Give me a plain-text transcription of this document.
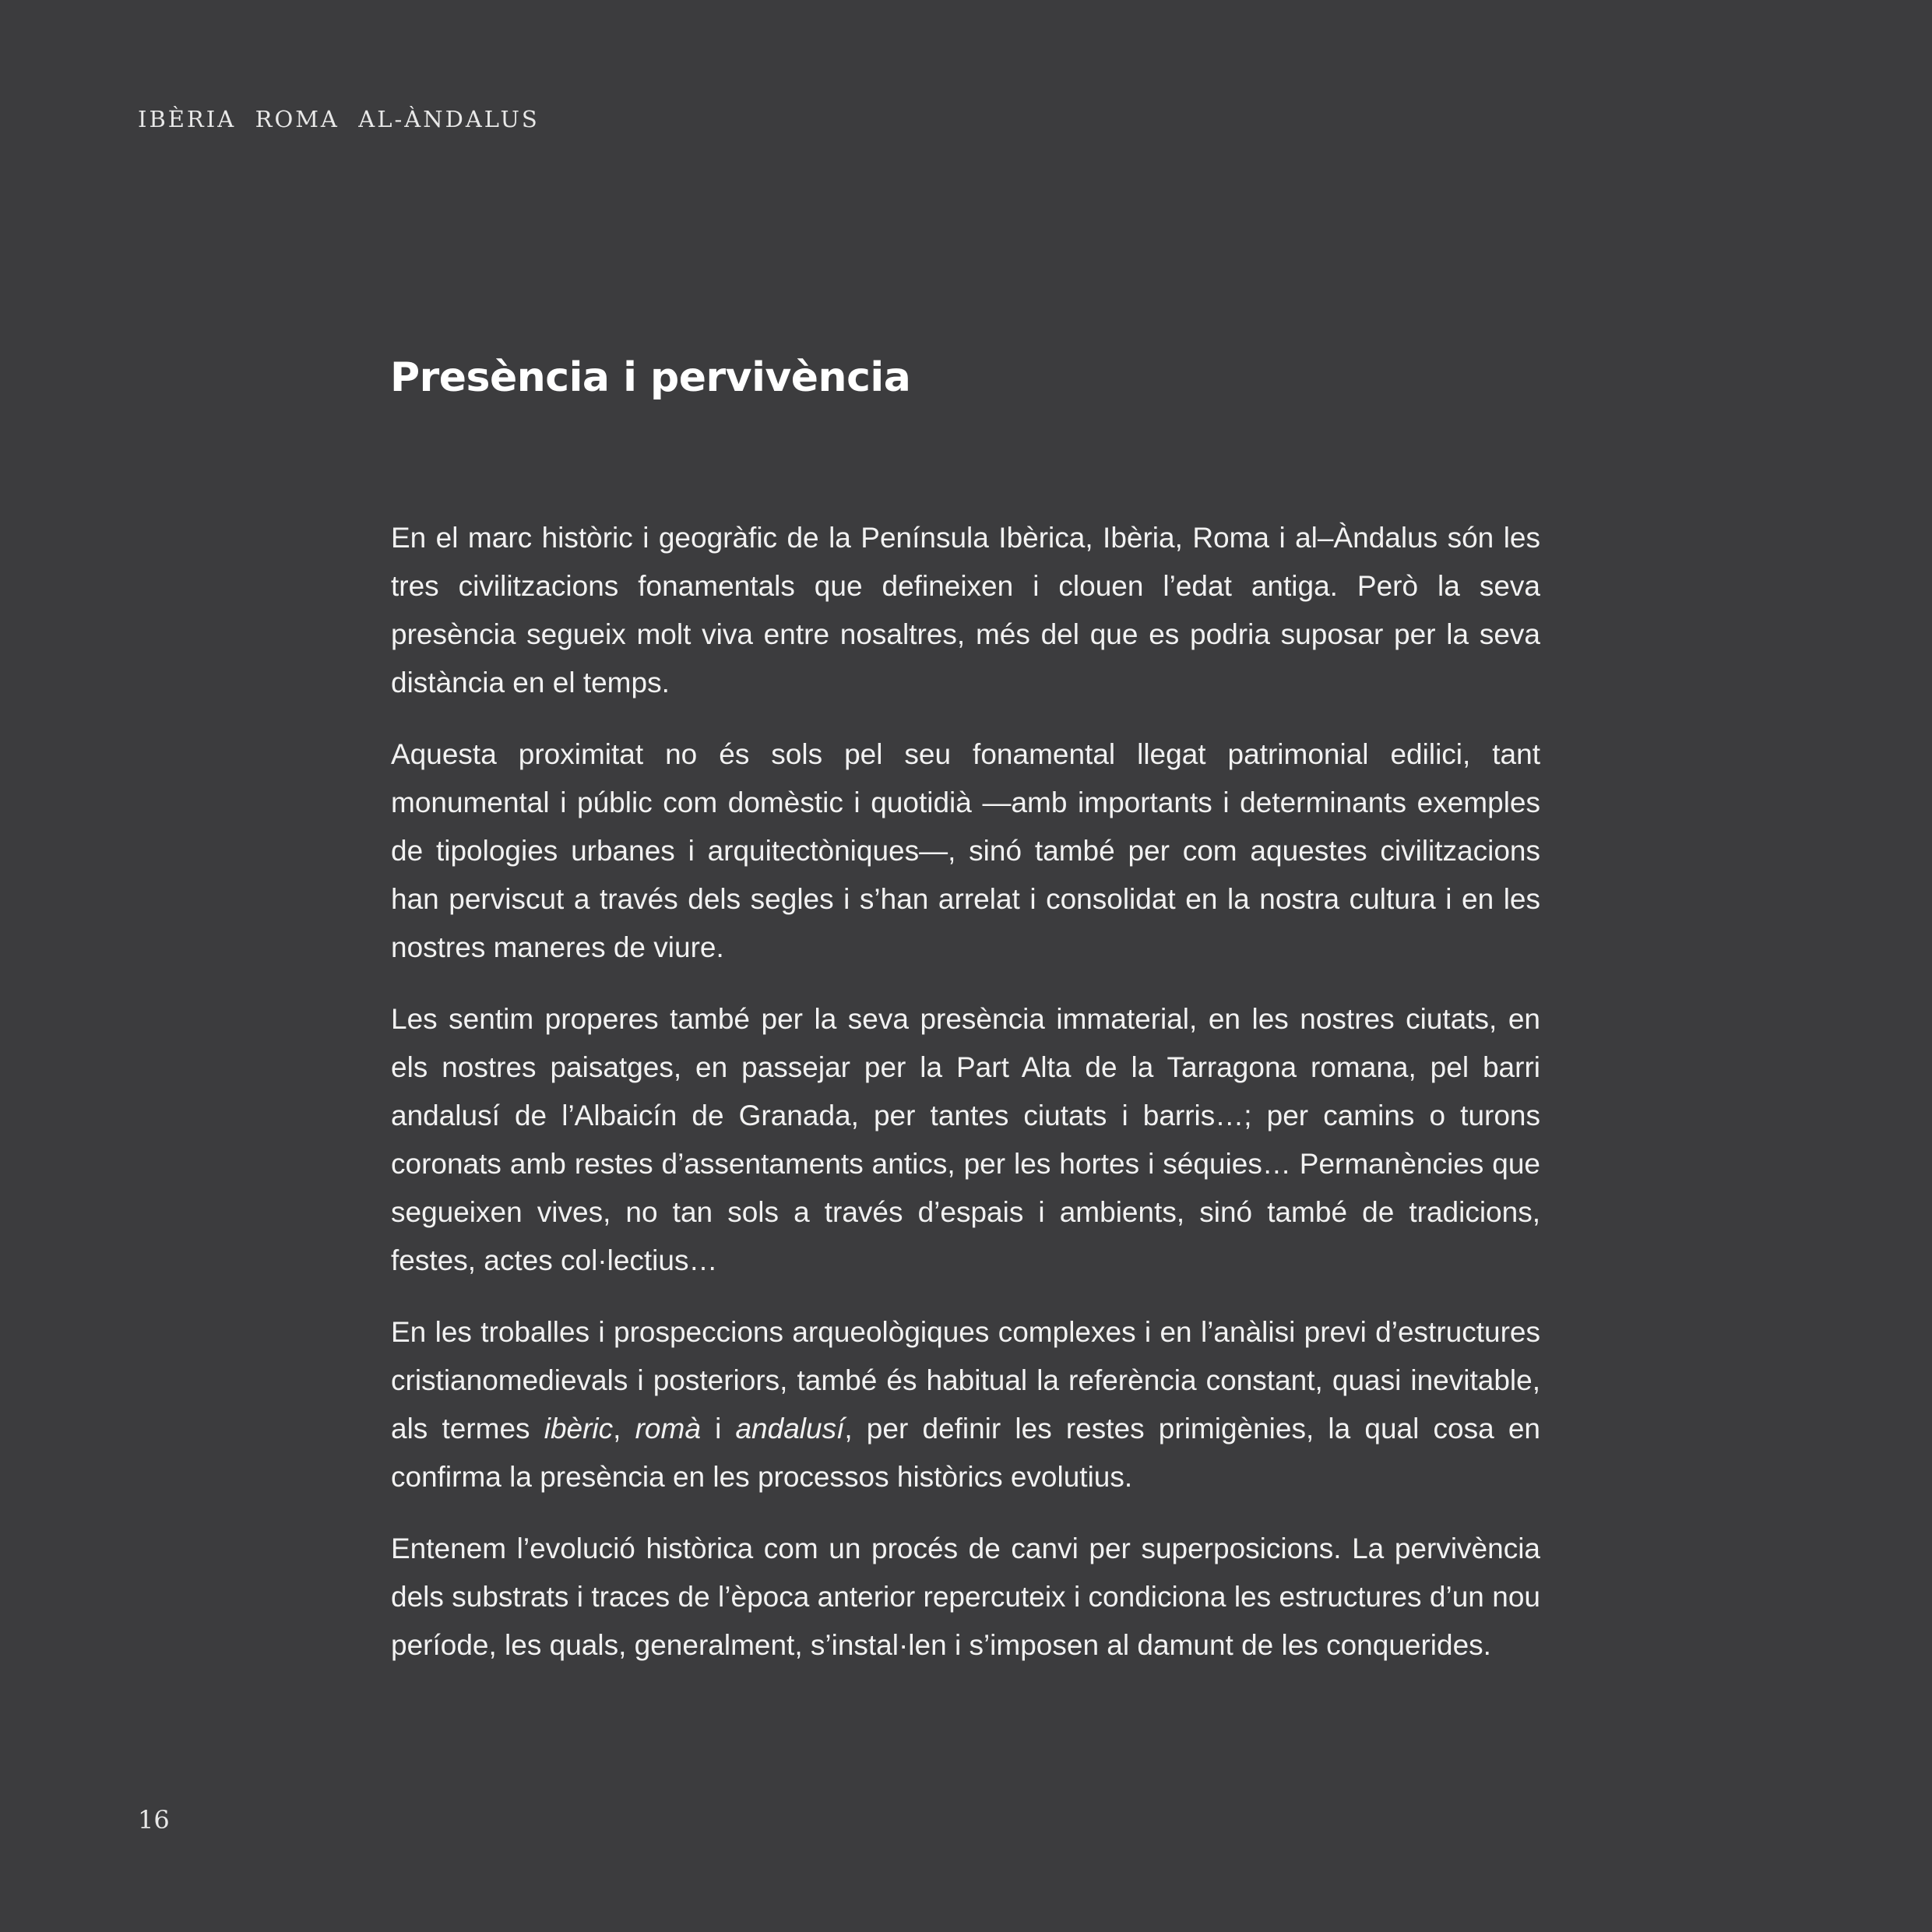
IBÈRIA  ROMA  AL-ÀNDALUS
Presència i pervivència

En el marc històric i geogràfic de la Península Ibèrica, Ibèria, Roma i al–Àndalus són les tres civilitzacions fonamentals que defineixen i clouen l’edat antiga. Però la seva presència segueix molt viva entre nosaltres, més del que es podria suposar per la seva distància en el temps.

Aquesta proximitat no és sols pel seu fonamental llegat patrimonial edilici, tant monumental i públic com domèstic i quotidià —amb importants i determinants exemples de tipologies urbanes i arquitectòniques—, sinó també per com aquestes civilitzacions han perviscut a través dels segles i s’han arrelat i consolidat en la nostra cultura i en les nostres maneres de viure.

Les sentim properes també per la seva presència immaterial, en les nostres ciutats, en els nostres paisatges, en passejar per la Part Alta de la Tarragona romana, pel barri andalusí de l’Albaicín de Granada, per tantes ciutats i barris…; per camins o turons coronats amb restes d’assentaments antics, per les hortes i séquies… Permanències que segueixen vives, no tan sols a través d’espais i ambients, sinó també de tradicions, festes, actes col·lectius…

En les troballes i prospeccions arqueològiques complexes i en l’anàlisi previ d’estructures cristianomedievals i posteriors, també és habitual la referència constant, quasi inevitable, als termes ibèric, romà i andalusí, per definir les restes primigènies, la qual cosa en confirma la presència en les processos històrics evolutius.

Entenem l’evolució històrica com un procés de canvi per superposicions. La pervivència dels substrats i traces de l’època anterior repercuteix i condiciona les estructures d’un nou període, les quals, generalment, s’instal·len i s’imposen al damunt de les conquerides.

16
